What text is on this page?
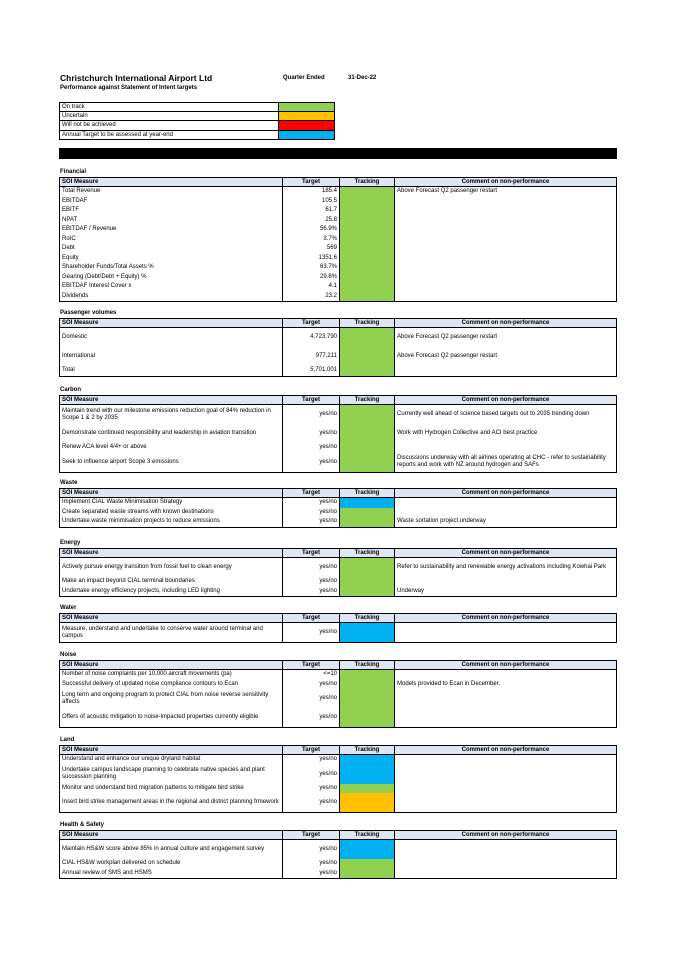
Christchurch International Airport Ltd
Performance against Statement of Intent targets
Quarter Ended	31-Dec-22
On track	
Uncertain	
Will not be achieved	
Annual Target to be assessed at year-end	
Financial
SOI Measure	Target	Tracking	Comment on non-performance
Total Revenue	185.4		Above Forecast Q2 passenger restart
EBITDAF	105.5		
EBITF	61.7		
NPAT	25.8		
EBITDAF / Revenue	56.9%		
RoIC	3.7%		
Debt	569		
Equity	1351.6		
Shareholder Funds/Total Assets %	63.7%		
Gearing (Debt/Debt + Equity) %	29.6%		
EBITDAF Interest Cover x	4.1		
Dividends	23.2		
Passenger volumes
SOI Measure	Target	Tracking	Comment on non-performance
Domestic	4,723,790		Above Forecast Q2 passenger restart
International	977,211		Above Forecast Q2 passenger restart
Total	5,701,001		
Carbon
SOI Measure	Target	Tracking	Comment on non-performance
Maintain trend with our milestone emissions reduction goal of 84% reduction in Scope 1 & 2 by 2035	yes/no		Currently well ahead of science based targets out to 2035 trending down
Demonstrate continued responsibility and leadership in aviation transition	yes/no		Work with Hydrogen Collective and ACI best practice
Renew ACA level 4/4+ or above	yes/no		
Seek to influence airport Scope 3 emissions	yes/no		Discussions underway with all airlines operating at CHC - refer to sustainability reports and work with NZ around hydrogen and SAFs
Waste
SOI Measure	Target	Tracking	Comment on non-performance
Implement CIAL Waste Minimisation Strategy	yes/no		
Create separated waste streams with known destinations	yes/no		
Undertake waste minimisation projects to reduce emissions	yes/no		Waste sortation project underway
Energy
SOI Measure	Target	Tracking	Comment on non-performance
Actively pursue energy transition from fossil fuel to clean energy	yes/no		Refer to sustainability and renewable energy activations including Kowhai Park
Make an impact beyond CIAL terminal boundaries	yes/no		
Undertake energy efficiency projects, including LED lighting	yes/no		Underway
Water
SOI Measure	Target	Tracking	Comment on non-performance
Measure, understand and undertake to conserve water around terminal and campus	yes/no		
Noise
SOI Measure	Target	Tracking	Comment on non-performance
Number of noise complaints per 10,000 aircraft movements (pa)	<=10		
Successful delivery of updated noise compliance contours to Ecan	yes/no		Models provided to Ecan in December.
Long term and ongoing program to protect CIAL from noise reverse sensitivity affects	yes/no		
Offers of acoustic mitigation to noise-impacted properties currently eligible	yes/no		
Land
SOI Measure	Target	Tracking	Comment on non-performance
Understand and enhance our unique dryland habitat	yes/no		
Undertake campus landscape planning to celebrate native species and plant succession planning	yes/no		
Monitor and understand bird migration patterns to mitigate bird strike	yes/no		
Insert bird strike management areas in the regional and district planning frmework	yes/no		
Health & Safety
SOI Measure	Target	Tracking	Comment on non-performance
Maintain HS&W score above 85% in annual culture and engagement survey	yes/no		
CIAL HS&W workplan delivered on schedule	yes/no		
Annual review of SMS and HSMS	yes/no		
